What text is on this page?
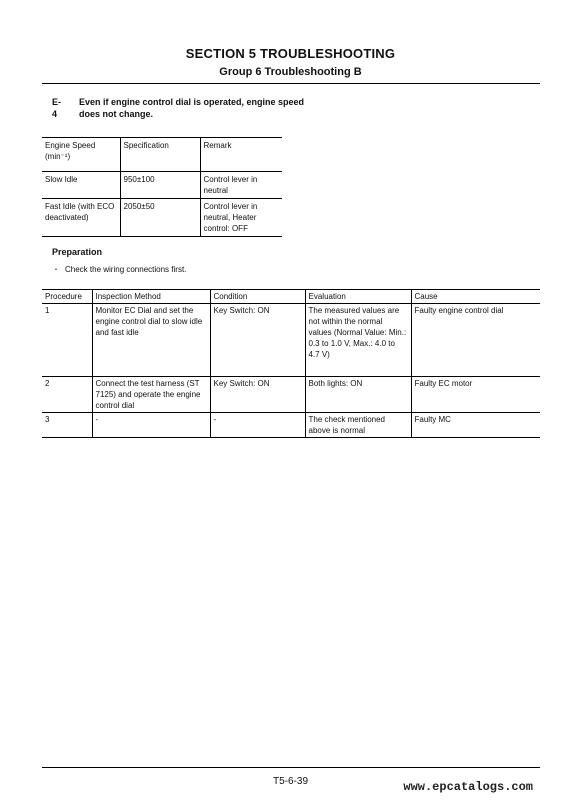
SECTION 5 TROUBLESHOOTING
Group 6 Troubleshooting B
E-4
Even if engine control dial is operated, engine speed does not change.
Engine Speed (min⁻¹)	Specification	Remark
Slow Idle	950±100	Control lever in neutral
Fast Idle (with ECO deactivated)	2050±50	Control lever in neutral, Heater control: OFF
Preparation
・ Check the wiring connections first.
Procedure	Inspection Method	Condition	Evaluation	Cause
1	Monitor EC Dial and set the engine control dial to slow idle and fast idle	Key Switch: ON	The measured values are not within the normal values (Normal Value: Min.: 0.3 to 1.0 V, Max.: 4.0 to 4.7 V)	Faulty engine control dial
2	Connect the test harness (ST 7125) and operate the engine control dial	Key Switch: ON	Both lights: ON	Faulty EC motor
3	-	-	The check mentioned above is normal	Faulty MC
T5-6-39	www.epcatalogs.com
